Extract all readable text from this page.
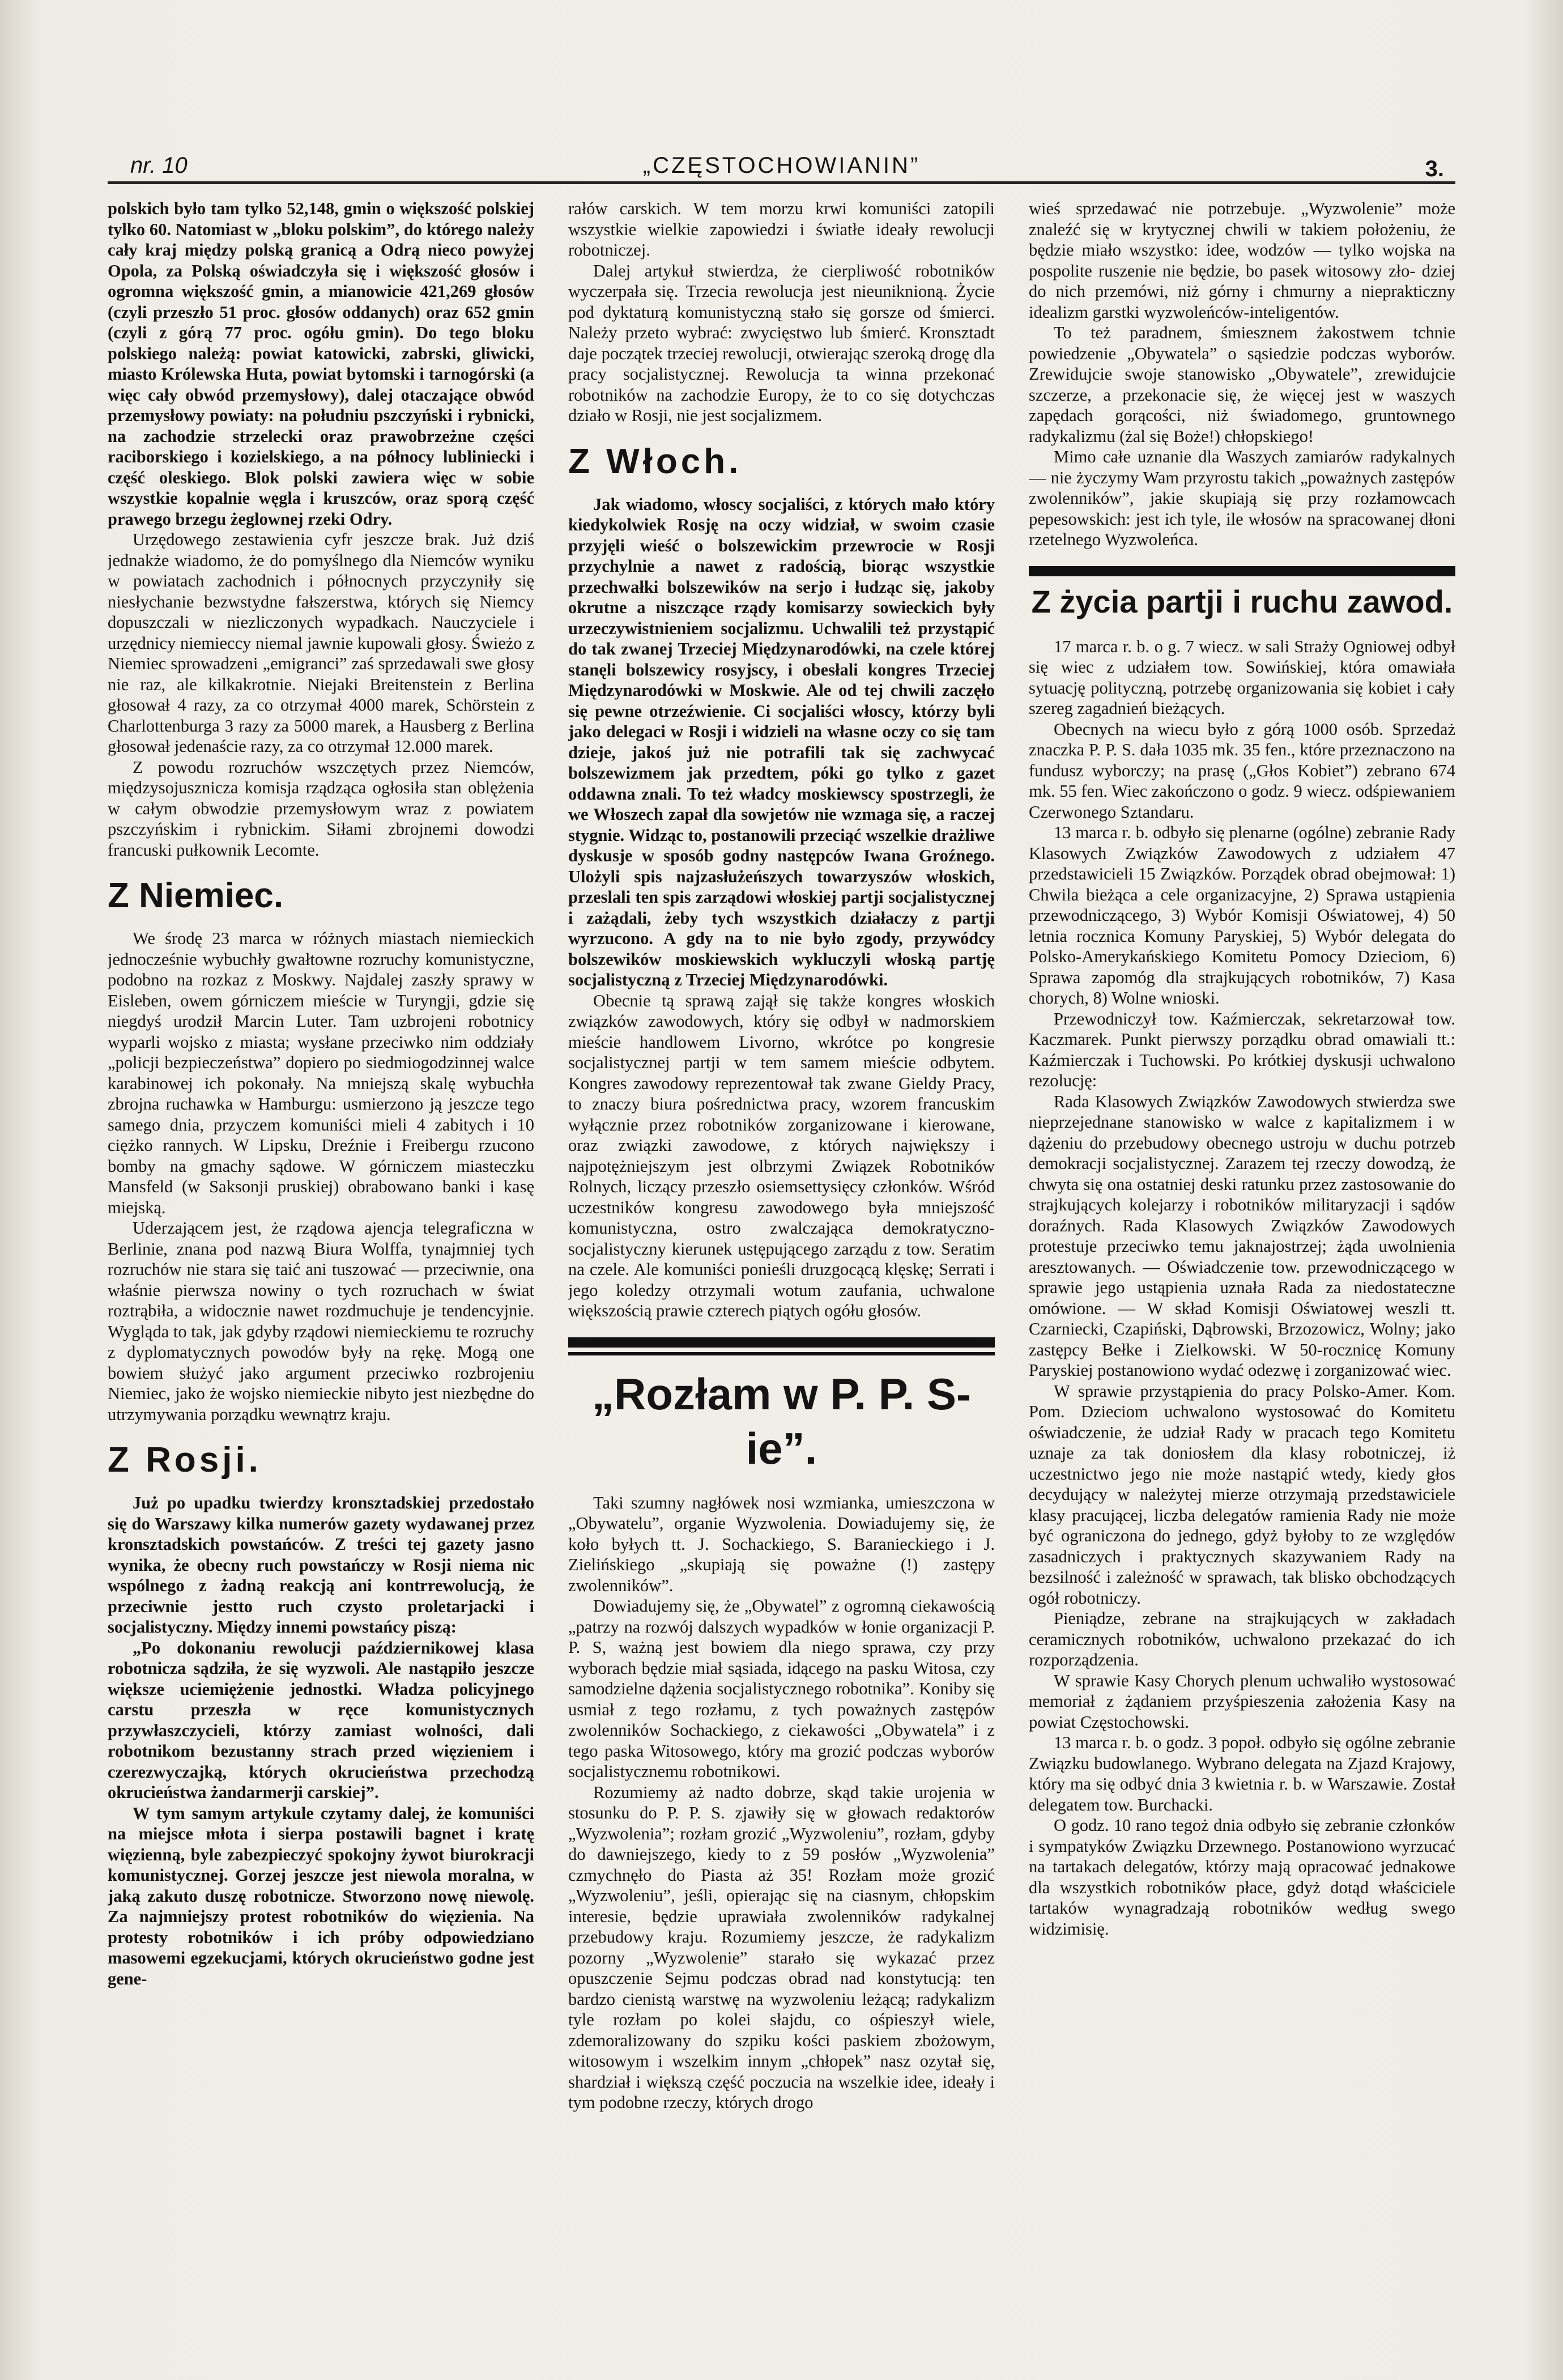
nr. 10	„CZĘSTOCHOWIANIN”	3.

polskich było tam tylko 52,148, gmin o większość polskiej tylko 60. Natomiast w „bloku polskim”, do którego należy cały kraj między polską granicą a Odrą nieco powyżej Opola, za Polską oświadczyła się i większość głosów i ogromna większość gmin, a mianowicie 421,269 głosów (czyli przeszło 51 proc. głosów oddanych) oraz 652 gmin (czyli z górą 77 proc. ogółu gmin). Do tego bloku polskiego należą: powiat katowicki, zabrski, gliwicki, miasto Królewska Huta, powiat bytomski i tarnogórski (a więc cały obwód przemysłowy), dalej otaczające obwód przemysłowy powiaty: na południu pszczyński i rybnicki, na zachodzie strzelecki oraz prawobrzeżne części raciborskiego i kozielskiego, a na północy lubliniecki i część oleskiego. Blok polski zawiera więc w sobie wszystkie kopalnie węgla i kruszców, oraz sporą część prawego brzegu żeglownej rzeki Odry.

Urzędowego zestawienia cyfr jeszcze brak. Już dziś jednakże wiadomo, że do pomyślnego dla Niemców wyniku w powiatach zachodnich i północnych przyczyniły się niesłychanie bezwstydne fałszerstwa, których się Niemcy dopuszczali w niezliczonych wypadkach. Nauczyciele i urzędnicy niemieccy niemal jawnie kupowali głosy. Świeżo z Niemiec sprowadzeni „emigranci” zaś sprzedawali swe głosy nie raz, ale kilkakrotnie. Niejaki Breitenstein z Berlina głosował 4 razy, za co otrzymał 4000 marek, Schörstein z Charlottenburga 3 razy za 5000 marek, a Hausberg z Berlina głosował jedenaście razy, za co otrzymał 12.000 marek.

Z powodu rozruchów wszczętych przez Niemców, międzysojusznicza komisja rządząca ogłosiła stan oblężenia w całym obwodzie przemysłowym wraz z powiatem pszczyńskim i rybnickim. Siłami zbrojnemi dowodzi francuski pułkownik Lecomte.

Z Niemiec.

We środę 23 marca w różnych miastach niemieckich jednocześnie wybuchły gwałtowne rozruchy komunistyczne, podobno na rozkaz z Moskwy. Najdalej zaszły sprawy w Eisleben, owem górniczem mieście w Turyngji, gdzie się niegdyś urodził Marcin Luter. Tam uzbrojeni robotnicy wyparli wojsko z miasta; wysłane przeciwko nim oddziały „policji bezpieczeństwa” dopiero po siedmiogodzinnej walce karabinowej ich pokonały. Na mniejszą skalę wybuchła zbrojna ruchawka w Hamburgu: usmierzono ją jeszcze tego samego dnia, przyczem komuniści mieli 4 zabitych i 10 ciężko rannych. W Lipsku, Dreźnie i Freibergu rzucono bomby na gmachy sądowe. W górniczem miasteczku Mansfeld (w Saksonji pruskiej) obrabowano banki i kasę miejską.

Uderzającem jest, że rządowa ajencja telegraficzna w Berlinie, znana pod nazwą Biura Wolffa, tynajmniej tych rozruchów nie stara się taić ani tuszować — przeciwnie, ona właśnie pierwsza nowiny o tych rozruchach w świat roztrąbiła, a widocznie nawet rozdmuchuje je tendencyjnie. Wygląda to tak, jak gdyby rządowi niemieckiemu te rozruchy z dyplomatycznych powodów były na rękę. Mogą one bowiem służyć jako argument przeciwko rozbrojeniu Niemiec, jako że wojsko niemieckie nibyto jest niezbędne do utrzymywania porządku wewnątrz kraju.

Z Rosji.

Już po upadku twierdzy kronsztadskiej przedostało się do Warszawy kilka numerów gazety wydawanej przez kronsztadskich powstańców. Z treści tej gazety jasno wynika, że obecny ruch powstańczy w Rosji niema nic wspólnego z żadną reakcją ani kontrrewolucją, że przeciwnie jestto ruch czysto proletarjacki i socjalistyczny. Między innemi powstańcy piszą:

„Po dokonaniu rewolucji październikowej klasa robotnicza sądziła, że się wyzwoli. Ale nastąpiło jeszcze większe uciemiężenie jednostki. Władza policyjnego carstu przeszła w ręce komunistycznych przywłaszczycieli, którzy zamiast wolności, dali robotnikom bezustanny strach przed więzieniem i czerezwyczajką, których okrucieństwa przechodzą okrucieństwa żandarmerji carskiej”.

W tym samym artykule czytamy dalej, że komuniści na miejsce młota i sierpa postawili bagnet i kratę więzienną, byle zabezpieczyć spokojny żywot biurokracji komunistycznej. Gorzej jeszcze jest niewola moralna, w jaką zakuto duszę robotnicze. Stworzono nowę niewolę. Za najmniejszy protest robotników do więzienia. Na protesty robotników i ich próby odpowiedziano masowemi egzekucjami, których okrucieństwo godne jest gene-

rałów carskich. W tem morzu krwi komuniści zatopili wszystkie wielkie zapowiedzi i światłe ideały rewolucji robotniczej.

Dalej artykuł stwierdza, że cierpliwość robotników wyczerpała się. Trzecia rewolucja jest nieuniknioną. Życie pod dyktaturą komunistyczną stało się gorsze od śmierci. Należy przeto wybrać: zwycięstwo lub śmierć. Kronsztadt daje początek trzeciej rewolucji, otwierając szeroką drogę dla pracy socjalistycznej. Rewolucja ta winna przekonać robotników na zachodzie Europy, że to co się dotychczas działo w Rosji, nie jest socjalizmem.

Z Włoch.

Jak wiadomo, włoscy socjaliści, z których mało który kiedykolwiek Rosję na oczy widział, w swoim czasie przyjęli wieść o bolszewickim przewrocie w Rosji przychylnie a nawet z radością, biorąc wszystkie przechwałki bolszewików na serjo i łudząc się, jakoby okrutne a niszczące rządy komisarzy sowieckich były urzeczywistnieniem socjalizmu. Uchwalili też przystąpić do tak zwanej Trzeciej Międzynarodówki, na czele której stanęli bolszewicy rosyjscy, i obesłali kongres Trzeciej Międzynarodówki w Moskwie. Ale od tej chwili zaczęło się pewne otrzeźwienie. Ci socjaliści włoscy, którzy byli jako delegaci w Rosji i widzieli na własne oczy co się tam dzieje, jakoś już nie potrafili tak się zachwycać bolszewizmem jak przedtem, póki go tylko z gazet oddawna znali. To też władcy moskiewscy spostrzegli, że we Włoszech zapał dla sowjetów nie wzmaga się, a raczej stygnie. Widząc to, postanowili przeciąć wszelkie drażliwe dyskusje w sposób godny następców Iwana Groźnego. Ulożyli spis najzasłużeńszych towarzyszów włoskich, przeslali ten spis zarządowi włoskiej partji socjalistycznej i zażądali, żeby tych wszystkich działaczy z partji wyrzucono. A gdy na to nie było zgody, przywódcy bolszewików moskiewskich wykluczyli włoską partję socjalistyczną z Trzeciej Międzynarodówki.

Obecnie tą sprawą zajął się także kongres włoskich związków zawodowych, który się odbył w nadmorskiem mieście handlowem Livorno, wkrótce po kongresie socjalistycznej partji w tem samem mieście odbytem. Kongres zawodowy reprezentował tak zwane Gieldy Pracy, to znaczy biura pośrednictwa pracy, wzorem francuskim wyłącznie przez robotników zorganizowane i kierowane, oraz związki zawodowe, z których największy i najpotężniejszym jest olbrzymi Związek Robotników Rolnych, liczący przeszło osiemsettysięcy członków. Wśród uczestników kongresu zawodowego była mniejszość komunistyczna, ostro zwalczająca demokratyczno-socjalistyczny kierunek ustępującego zarządu z tow. Seratim na czele. Ale komuniści ponieśli druzgocącą klęskę; Serrati i jego koledzy otrzymali wotum zaufania, uchwalone większością prawie czterech piątych ogółu głosów.

„Rozłam w P. P. S-ie”.

Taki szumny nagłówek nosi wzmianka, umieszczona w „Obywatelu”, organie Wyzwolenia. Dowiadujemy się, że koło byłych tt. J. Sochackiego, S. Baranieckiego i J. Zielińskiego „skupiają się poważne (!) zastępy zwolenników”.

Dowiadujemy się, że „Obywatel” z ogromną ciekawością „patrzy na rozwój dalszych wypadków w łonie organizacji P. P. S, ważną jest bowiem dla niego sprawa, czy przy wyborach będzie miał sąsiada, idącego na pasku Witosa, czy samodzielne dążenia socjalistycznego robotnika”. Koniby się usmiał z tego rozłamu, z tych poważnych zastępów zwolenników Sochackiego, z ciekawości „Obywatela” i z tego paska Witosowego, który ma grozić podczas wyborów socjalistycznemu robotnikowi.

Rozumiemy aż nadto dobrze, skąd takie urojenia w stosunku do P. P. S. zjawiły się w głowach redaktorów „Wyzwolenia”; rozłam grozić „Wyzwoleniu”, rozłam, gdyby do dawniejszego, kiedy to z 59 posłów „Wyzwolenia” czmychnęło do Piasta aż 35! Rozłam może grozić „Wyzwoleniu”, jeśli, opierając się na ciasnym, chłopskim interesie, będzie uprawiała zwolenników radykalnej przebudowy kraju. Rozumiemy jeszcze, że radykalizm pozorny „Wyzwolenie” starało się wykazać przez opuszczenie Sejmu podczas obrad nad konstytucją: ten bardzo cienistą warstwę na wyzwoleniu leżącą; radykalizm tyle rozłam po kolei słajdu, co ośpieszył wiele, zdemoralizowany do szpiku kości paskiem zbożowym, witosowym i wszelkim innym „chłopek” nasz ozytał się, shardział i większą część poczucia na wszelkie idee, ideały i tym podobne rzeczy, których drogo

wieś sprzedawać nie potrzebuje. „Wyzwolenie” może znaleźć się w krytycznej chwili w takiem położeniu, że będzie miało wszystko: idee, wodzów — tylko wojska na pospolite ruszenie nie będzie, bo pasek witosowy zło- dziej do nich przemówi, niż górny i chmurny a nieprakticzny idealizm garstki wyzwoleńców-inteligentów.

To też paradnem, śmiesznem żakostwem tchnie powiedzenie „Obywatela” o sąsiedzie podczas wyborów. Zrewidujcie swoje stanowisko „Obywatele”, zrewidujcie szczerze, a przekonacie się, że więcej jest w waszych zapędach gorącości, niż świadomego, gruntownego radykalizmu (żal się Boże!) chłopskiego!

Mimo całe uznanie dla Waszych zamiarów radykalnych — nie życzymy Wam przyrostu takich „poważnych zastępów zwolenników”, jakie skupiają się przy rozłamowcach pepesowskich: jest ich tyle, ile włosów na spracowanej dłoni rzetelnego Wyzwoleńca.

Z życia partji i ruchu zawod.

17 marca r. b. o g. 7 wiecz. w sali Straży Ogniowej odbył się wiec z udziałem tow. Sowińskiej, która omawiała sytuację polityczną, potrzebę organizowania się kobiet i cały szereg zagadnień bieżących.

Obecnych na wiecu było z górą 1000 osób. Sprzedaż znaczka P. P. S. dała 1035 mk. 35 fen., które przeznaczono na fundusz wyborczy; na prasę („Głos Kobiet”) zebrano 674 mk. 55 fen. Wiec zakończono o godz. 9 wiecz. odśpiewaniem Czerwonego Sztandaru.

13 marca r. b. odbyło się plenarne (ogólne) zebranie Rady Klasowych Związków Zawodowych z udziałem 47 przedstawicieli 15 Związków. Porządek obrad obejmował: 1) Chwila bieżąca a cele organizacyjne, 2) Sprawa ustąpienia przewodniczącego, 3) Wybór Komisji Oświatowej, 4) 50 letnia rocznica Komuny Paryskiej, 5) Wybór delegata do Polsko-Amerykańskiego Komitetu Pomocy Dzieciom, 6) Sprawa zapomóg dla strajkujących robotników, 7) Kasa chorych, 8) Wolne wnioski.

Przewodniczył tow. Kaźmierczak, sekretarzował tow. Kaczmarek. Punkt pierwszy porządku obrad omawiali tt.: Kaźmierczak i Tuchowski. Po krótkiej dyskusji uchwalono rezolucję:

Rada Klasowych Związków Zawodowych stwierdza swe nieprzejednane stanowisko w walce z kapitalizmem i w dążeniu do przebudowy obecnego ustroju w duchu potrzeb demokracji socjalistycznej. Zarazem tej rzeczy dowodzą, że chwyta się ona ostatniej deski ratunku przez zastosowanie do strajkujących kolejarzy i robotników militaryzacji i sądów doraźnych. Rada Klasowych Związków Zawodowych protestuje przeciwko temu jaknajostrzej; żąda uwolnienia aresztowanych. — Oświadczenie tow. przewodniczącego w sprawie jego ustąpienia uznała Rada za niedostateczne omówione. — W skład Komisji Oświatowej weszli tt. Czarniecki, Czapiński, Dąbrowski, Brzozowicz, Wolny; jako zastępcy Bełke i Zielkowski. W 50-rocznicę Komuny Paryskiej postanowiono wydać odezwę i zorganizować wiec.

W sprawie przystąpienia do pracy Polsko-Amer. Kom. Pom. Dzieciom uchwalono wystosować do Komitetu oświadczenie, że udział Rady w pracach tego Komitetu uznaje za tak doniosłem dla klasy robotniczej, iż uczestnictwo jego nie może nastąpić wtedy, kiedy głos decydujący w należytej mierze otrzymają przedstawiciele klasy pracującej, liczba delegatów ramienia Rady nie może być ograniczona do jednego, gdyż byłoby to ze względów zasadniczych i praktycznych skazywaniem Rady na bezsilność i zależność w sprawach, tak blisko obchodzących ogół robotniczy.

Pieniądze, zebrane na strajkujących w zakładach ceramicznych robotników, uchwalono przekazać do ich rozporządzenia.

W sprawie Kasy Chorych plenum uchwaliło wystosować memoriał z żądaniem przyśpieszenia założenia Kasy na powiat Częstochowski.

13 marca r. b. o godz. 3 popoł. odbyło się ogólne zebranie Związku budowlanego. Wybrano delegata na Zjazd Krajowy, który ma się odbyć dnia 3 kwietnia r. b. w Warszawie. Został delegatem tow. Burchacki.

O godz. 10 rano tegoż dnia odbyło się zebranie członków i sympatyków Związku Drzewnego. Postanowiono wyrzucać na tartakach delegatów, którzy mają opracować jednakowe dla wszystkich robotników płace, gdyż dotąd właściciele tartaków wynagradzają robotników według swego widzimisię.
